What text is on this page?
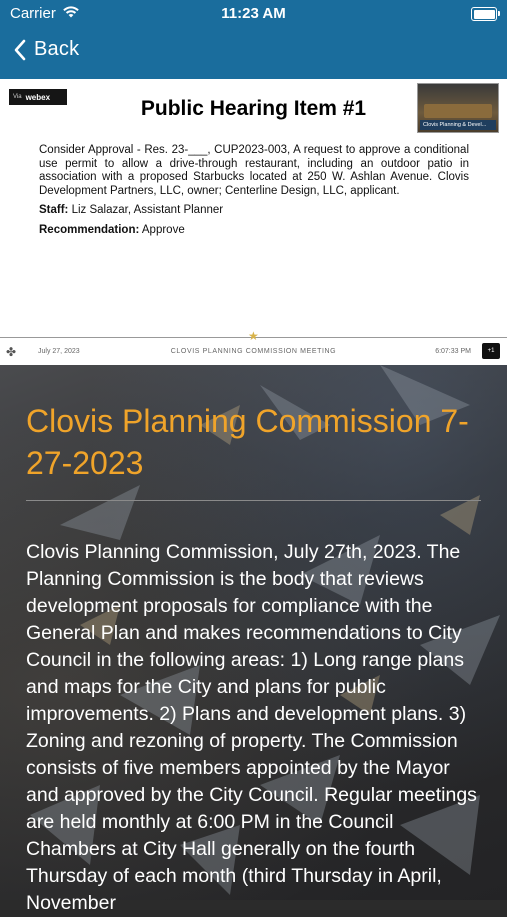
Carrier	11:23 AM
Back
Via webex
Clovis Planning & Devel...
Public Hearing Item #1
Consider Approval - Res. 23-___, CUP2023-003, A request to approve a conditional use permit to allow a drive-through restaurant, including an outdoor patio in association with a proposed Starbucks located at 250 W. Ashlan Avenue. Clovis Development Partners, LLC, owner; Centerline Design, LLC, applicant.
Staff: Liz Salazar, Assistant Planner
Recommendation: Approve
★
✤	July 27, 2023	CLOVIS PLANNING COMMISSION MEETING	6:07:33 PM	+1
Clovis Planning Commission 7-27-2023

Clovis Planning Commission, July 27th, 2023. The Planning Commission is the body that reviews development proposals for compliance with the General Plan and makes recommendations to City Council in the following areas: 1) Long range plans and maps for the City and plans for public improvements. 2) Plans and development plans. 3) Zoning and rezoning of property. The Commission consists of five members appointed by the Mayor and approved by the City Council. Regular meetings are held monthly at 6:00 PM in the Council Chambers at City Hall generally on the fourth Thursday of each month (third Thursday in April, November
